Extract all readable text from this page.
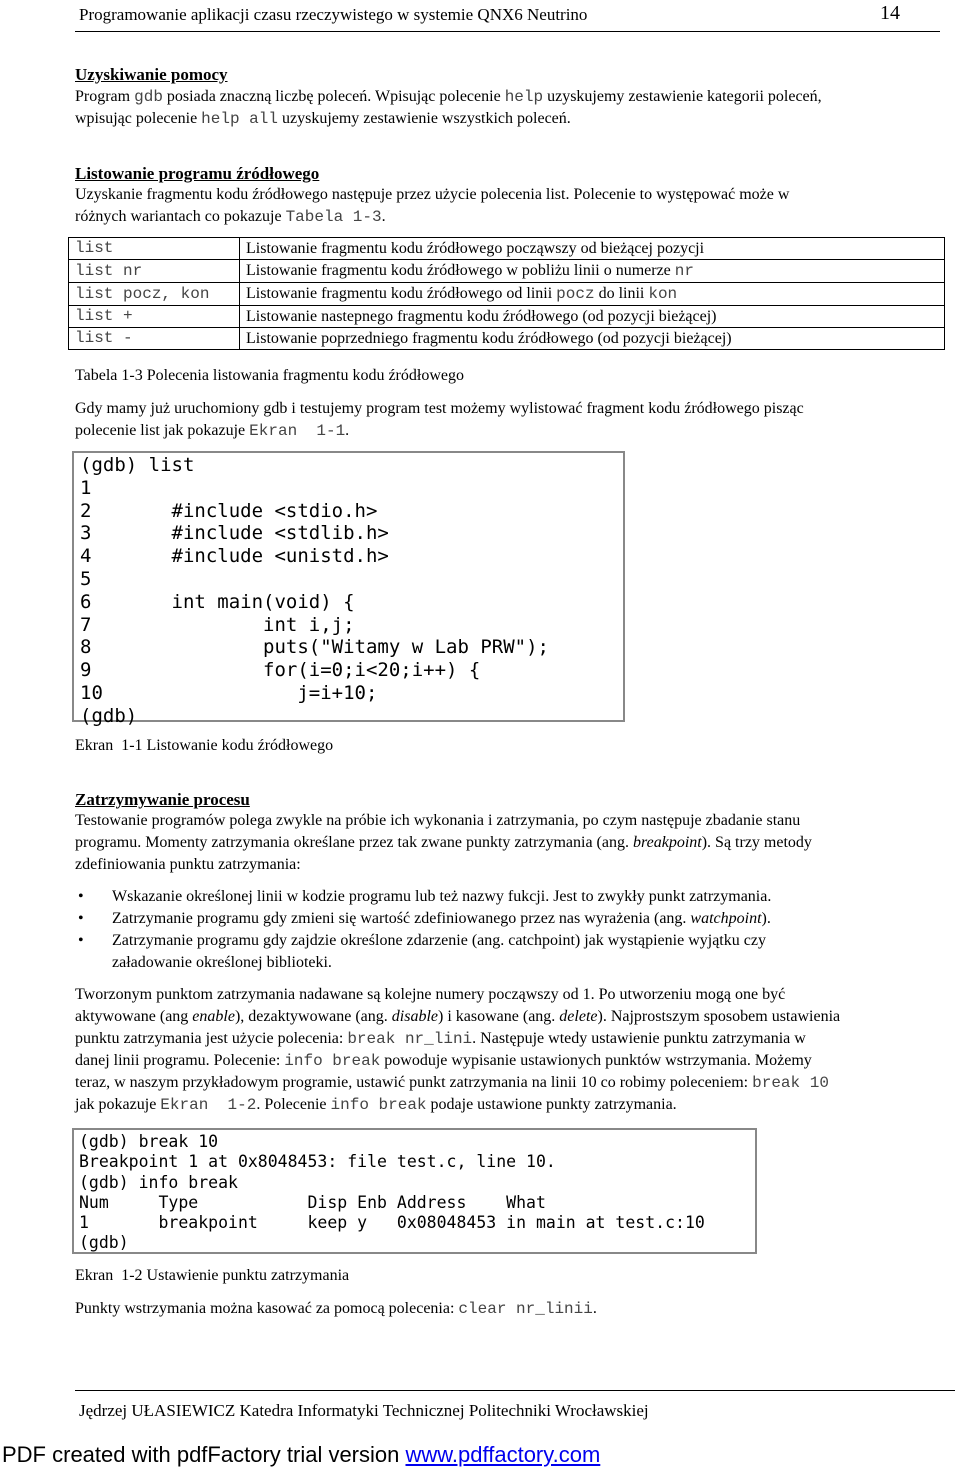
Programowanie aplikacji czasu rzeczywistego w systemie QNX6 Neutrino	14
Uzyskiwanie pomocy
Program gdb posiada znaczną liczbę poleceń. Wpisując polecenie help uzyskujemy zestawienie kategorii poleceń,
wpisując polecenie help all uzyskujemy zestawienie wszystkich poleceń.
Listowanie programu źródłowego
Uzyskanie fragmentu kodu źródłowego następuje przez użycie polecenia list. Polecenie to występować może w
różnych wariantach co pokazuje Tabela 1-3.
list	Listowanie fragmentu kodu źródłowego począwszy od bieżącej pozycji
list nr	Listowanie fragmentu kodu źródłowego w pobliżu linii o numerze nr
list pocz, kon	Listowanie fragmentu kodu źródłowego od linii pocz do linii kon
list +	Listowanie nastepnego fragmentu kodu źródłowego (od pozycji bieżącej)
list -	Listowanie poprzedniego fragmentu kodu źródłowego (od pozycji bieżącej)
Tabela 1-3 Polecenia listowania fragmentu kodu źródłowego
Gdy mamy już uruchomiony gdb i testujemy program test możemy wylistować fragment kodu źródłowego pisząc
polecenie list jak pokazuje Ekran  1-1.
(gdb) list
1
2       #include <stdio.h>
3       #include <stdlib.h>
4       #include <unistd.h>
5
6       int main(void) {
7               int i,j;
8               puts("Witamy w Lab PRW");
9               for(i=0;i<20;i++) {
10                 j=i+10;
(gdb)
Ekran  1-1 Listowanie kodu źródłowego
Zatrzymywanie procesu
Testowanie programów polega zwykle na próbie ich wykonania i zatrzymania, po czym następuje zbadanie stanu
programu. Momenty zatrzymania określane przez tak zwane punkty zatrzymania (ang. breakpoint). Są trzy metody
zdefiniowania punktu zatrzymania:
• Wskazanie określonej linii w kodzie programu lub też nazwy fukcji. Jest to zwykły punkt zatrzymania.
• Zatrzymanie programu gdy zmieni się wartość zdefiniowanego przez nas wyrażenia (ang. watchpoint).
• Zatrzymanie programu gdy zajdzie określone zdarzenie (ang. catchpoint) jak wystąpienie wyjątku czy
załadowanie określonej biblioteki.
Tworzonym punktom zatrzymania nadawane są kolejne numery począwszy od 1. Po utworzeniu mogą one być
aktywowane (ang enable), dezaktywowane (ang. disable) i kasowane (ang. delete). Najprostszym sposobem ustawienia
punktu zatrzymania jest użycie polecenia: break nr_lini. Następuje wtedy ustawienie punktu zatrzymania w
danej linii programu. Polecenie: info break powoduje wypisanie ustawionych punktów wstrzymania. Możemy
teraz, w naszym przykładowym programie, ustawić punkt zatrzymania na linii 10 co robimy poleceniem: break 10
jak pokazuje Ekran  1-2. Polecenie info break podaje ustawione punkty zatrzymania.
(gdb) break 10
Breakpoint 1 at 0x8048453: file test.c, line 10.
(gdb) info break
Num     Type           Disp Enb Address    What
1       breakpoint     keep y   0x08048453 in main at test.c:10
(gdb)
Ekran  1-2 Ustawienie punktu zatrzymania
Punkty wstrzymania można kasować za pomocą polecenia: clear nr_linii.
Jędrzej UŁASIEWICZ Katedra Informatyki Technicznej Politechniki Wrocławskiej
PDF created with pdfFactory trial version www.pdffactory.com
